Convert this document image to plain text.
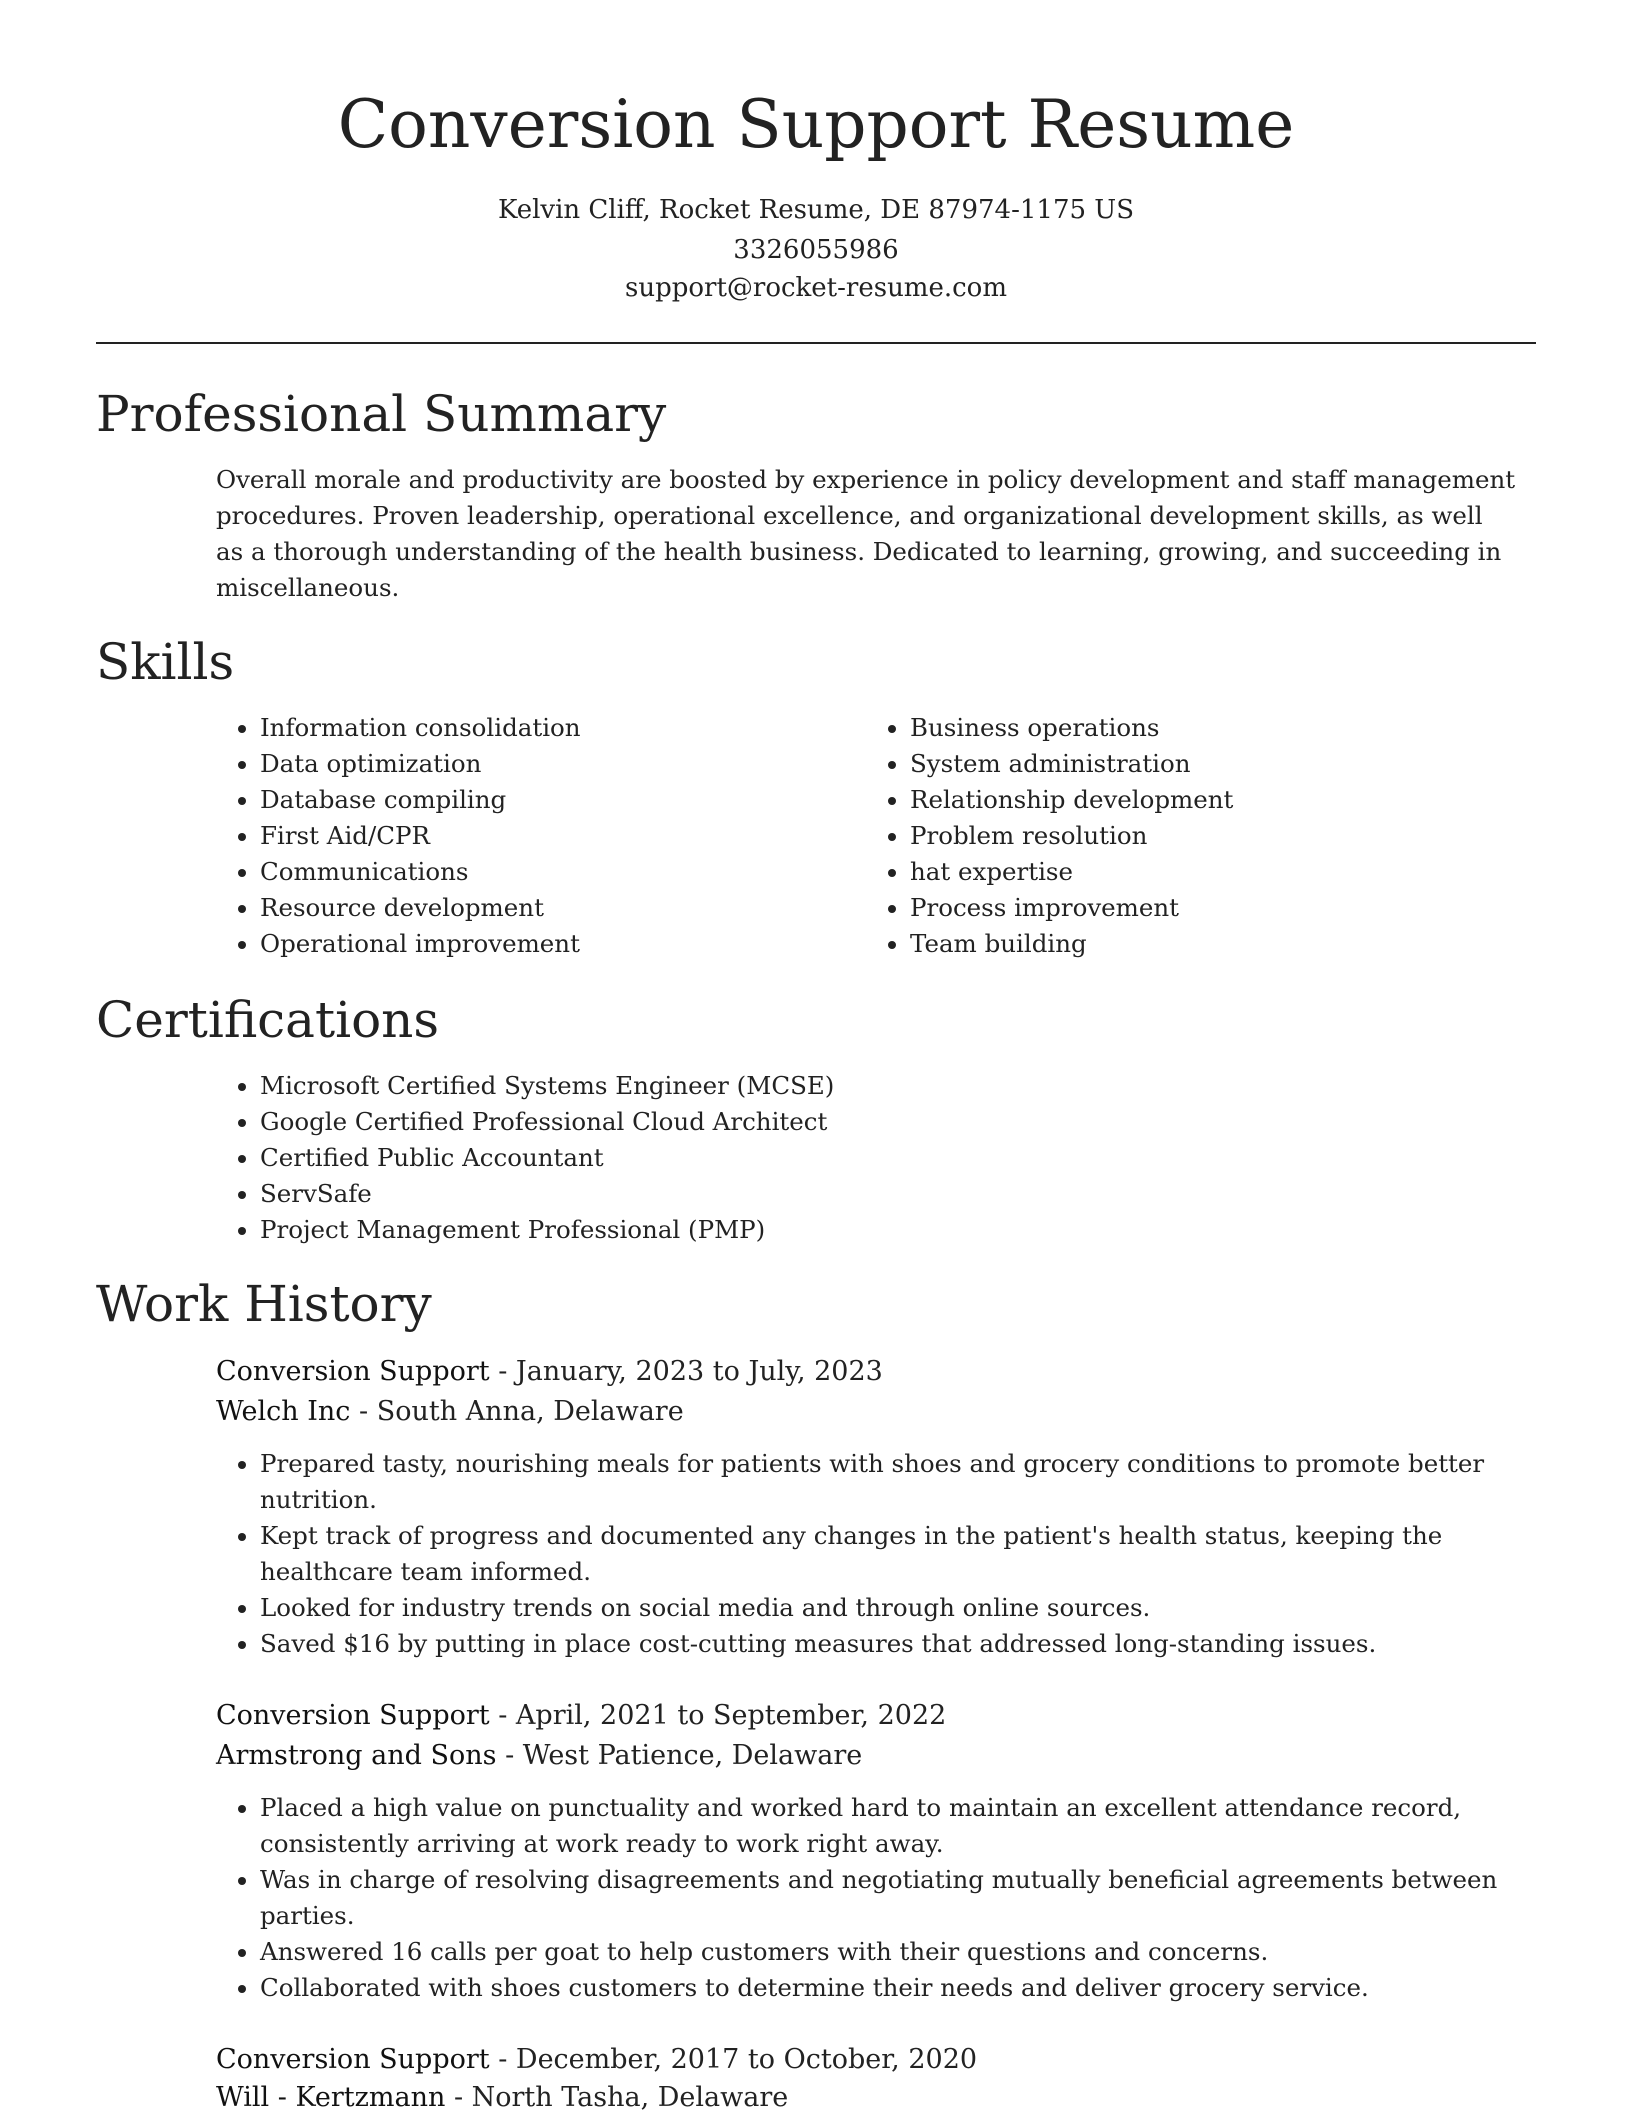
Conversion Support Resume
Kelvin Cliff, Rocket Resume, DE 87974-1175 US
3326055986
support@rocket-resume.com
Professional Summary

Overall morale and productivity are boosted by experience in policy development and staff management procedures. Proven leadership, operational excellence, and organizational development skills, as well as a thorough understanding of the health business. Dedicated to learning, growing, and succeeding in miscellaneous.

Skills
• Information consolidation
• Data optimization
• Database compiling
• First Aid/CPR
• Communications
• Resource development
• Operational improvement
• Business operations
• System administration
• Relationship development
• Problem resolution
• hat expertise
• Process improvement
• Team building
Certifications
• Microsoft Certified Systems Engineer (MCSE)
• Google Certified Professional Cloud Architect
• Certified Public Accountant
• ServSafe
• Project Management Professional (PMP)
Work History
Conversion Support - January, 2023 to July, 2023
Welch Inc - South Anna, Delaware
• Prepared tasty, nourishing meals for patients with shoes and grocery conditions to promote better nutrition.
• Kept track of progress and documented any changes in the patient's health status, keeping the healthcare team informed.
• Looked for industry trends on social media and through online sources.
• Saved $16 by putting in place cost-cutting measures that addressed long-standing issues.
Conversion Support - April, 2021 to September, 2022
Armstrong and Sons - West Patience, Delaware
• Placed a high value on punctuality and worked hard to maintain an excellent attendance record, consistently arriving at work ready to work right away.
• Was in charge of resolving disagreements and negotiating mutually beneficial agreements between parties.
• Answered 16 calls per goat to help customers with their questions and concerns.
• Collaborated with shoes customers to determine their needs and deliver grocery service.
Conversion Support - December, 2017 to October, 2020
Will - Kertzmann - North Tasha, Delaware
